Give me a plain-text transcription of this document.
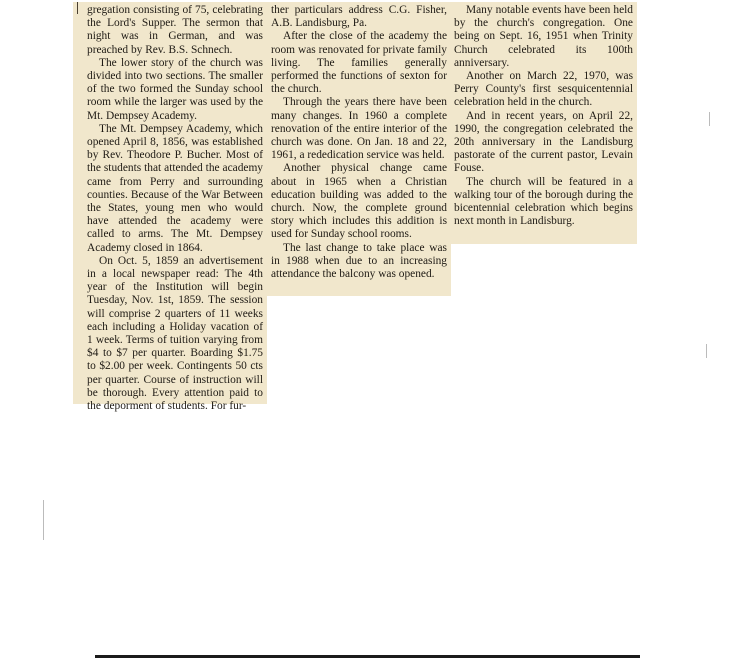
gregation consisting of 75, celebrating the Lord's Supper. The sermon that night was in German, and was preached by Rev. B.S. Schnech.

The lower story of the church was divided into two sections. The smaller of the two formed the Sunday school room while the larger was used by the Mt. Dempsey Academy.

The Mt. Dempsey Academy, which opened April 8, 1856, was established by Rev. Theodore P. Bucher. Most of the students that attended the academy came from Perry and surrounding counties. Because of the War Between the States, young men who would have attended the academy were called to arms. The Mt. Dempsey Academy closed in 1864.

On Oct. 5, 1859 an advertisement in a local newspaper read: The 4th year of the Institution will begin Tuesday, Nov. 1st, 1859. The session will comprise 2 quarters of 11 weeks each including a Holiday vacation of 1 week. Terms of tuition varying from $4 to $7 per quarter. Boarding $1.75 to $2.00 per week. Contingents 50 cts per quarter. Course of instruction will be thorough. Every attention paid to the deporment of students. For fur-

ther particulars address C.G. Fisher, A.B. Landisburg, Pa.

After the close of the academy the room was renovated for private family living. The families generally performed the functions of sexton for the church.

Through the years there have been many changes. In 1960 a complete renovation of the entire interior of the church was done. On Jan. 18 and 22, 1961, a rededication service was held.

Another physical change came about in 1965 when a Christian education building was added to the church. Now, the complete ground story which includes this addition is used for Sunday school rooms.

The last change to take place was in 1988 when due to an increasing attendance the balcony was opened.

Many notable events have been held by the church's congregation. One being on Sept. 16, 1951 when Trinity Church celebrated its 100th anniversary.

Another on March 22, 1970, was Perry County's first sesquicentennial celebration held in the church.

And in recent years, on April 22, 1990, the congregation celebrated the 20th anniversary in the Landisburg pastorate of the current pastor, Levain Fouse.

The church will be featured in a walking tour of the borough during the bicentennial celebration which begins next month in Landisburg.
